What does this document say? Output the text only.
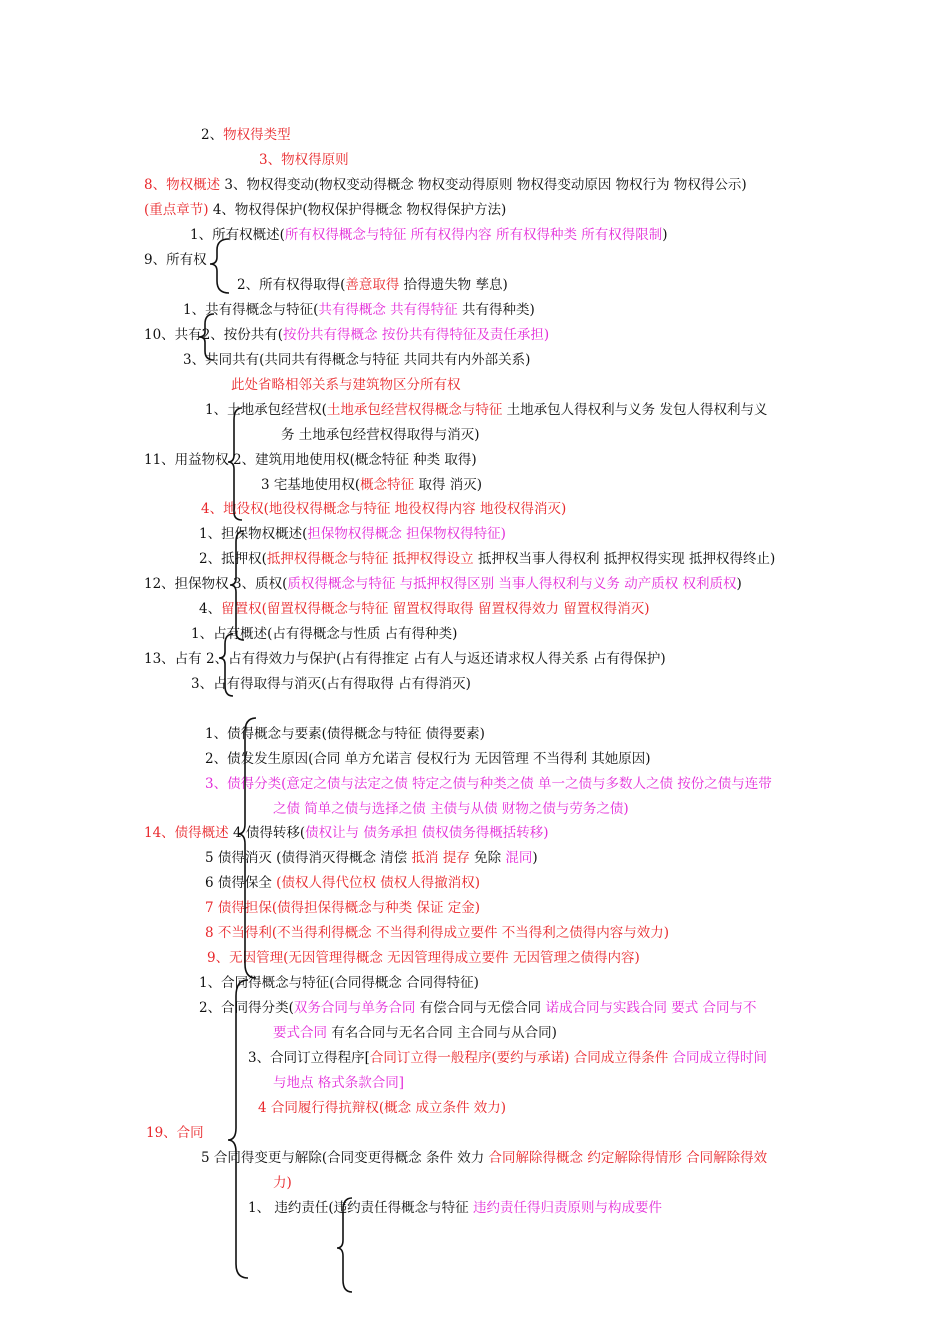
2、物权得类型
3、物权得原则
8、物权概述 3、物权得变动(物权变动得概念 物权变动得原则 物权得变动原因 物权行为 物权得公示)
(重点章节) 4、物权得保护(物权保护得概念 物权得保护方法)
1、所有权概述(所有权得概念与特征 所有权得内容 所有权得种类 所有权得限制)
9、所有权
2、所有权得取得(善意取得 拾得遗失物 孳息)
1、共有得概念与特征(共有得概念 共有得特征 共有得种类)
10、共有2、按份共有(按份共有得概念 按份共有得特征及责任承担)
3、共同共有(共同共有得概念与特征 共同共有内外部关系)
此处省略相邻关系与建筑物区分所有权
1、土地承包经营权(土地承包经营权得概念与特征 土地承包人得权利与义务 发包人得权利与义
务 土地承包经营权得取得与消灭)
11、用益物权 2、建筑用地使用权(概念特征 种类 取得)
3 宅基地使用权(概念特征 取得 消灭)
4、地役权(地役权得概念与特征 地役权得内容 地役权得消灭)
1、担保物权概述(担保物权得概念 担保物权得特征)
2、抵押权(抵押权得概念与特征 抵押权得设立 抵押权当事人得权利 抵押权得实现 抵押权得终止)
12、担保物权 3、质权(质权得概念与特征 与抵押权得区别 当事人得权利与义务 动产质权 权利质权)
4、留置权(留置权得概念与特征 留置权得取得 留置权得效力 留置权得消灭)
1、占有概述(占有得概念与性质 占有得种类)
13、占有 2、占有得效力与保护(占有得推定 占有人与返还请求权人得关系 占有得保护)
3、占有得取得与消灭(占有得取得 占有得消灭)
1、债得概念与要素(债得概念与特征 债得要素)
2、债发发生原因(合同 单方允诺言 侵权行为 无因管理 不当得利 其她原因)
3、债得分类(意定之债与法定之债 特定之债与种类之债 单一之债与多数人之债 按份之债与连带
之债 简单之债与选择之债 主债与从债 财物之债与劳务之债)
14、债得概述 4 债得转移(债权让与 债务承担 债权债务得概括转移)
5 债得消灭 (债得消灭得概念 清偿 抵消 提存 免除 混同)
6 债得保全 (债权人得代位权 债权人得撤消权)
7 债得担保(债得担保得概念与种类 保证 定金)
8 不当得利(不当得利得概念 不当得利得成立要件 不当得利之债得内容与效力)
9、无因管理(无因管理得概念 无因管理得成立要件 无因管理之债得内容)
1、合同得概念与特征(合同得概念 合同得特征)
2、合同得分类(双务合同与单务合同 有偿合同与无偿合同 诺成合同与实践合同 要式 合同与不
要式合同 有名合同与无名合同 主合同与从合同)
3、合同订立得程序[合同订立得一般程序(要约与承诺) 合同成立得条件 合同成立得时间
与地点 格式条款合同]
4 合同履行得抗辩权(概念 成立条件 效力)
19、合同
5 合同得变更与解除(合同变更得概念 条件 效力 合同解除得概念 约定解除得情形 合同解除得效
力)
1、 违约责任(违约责任得概念与特征 违约责任得归责原则与构成要件
